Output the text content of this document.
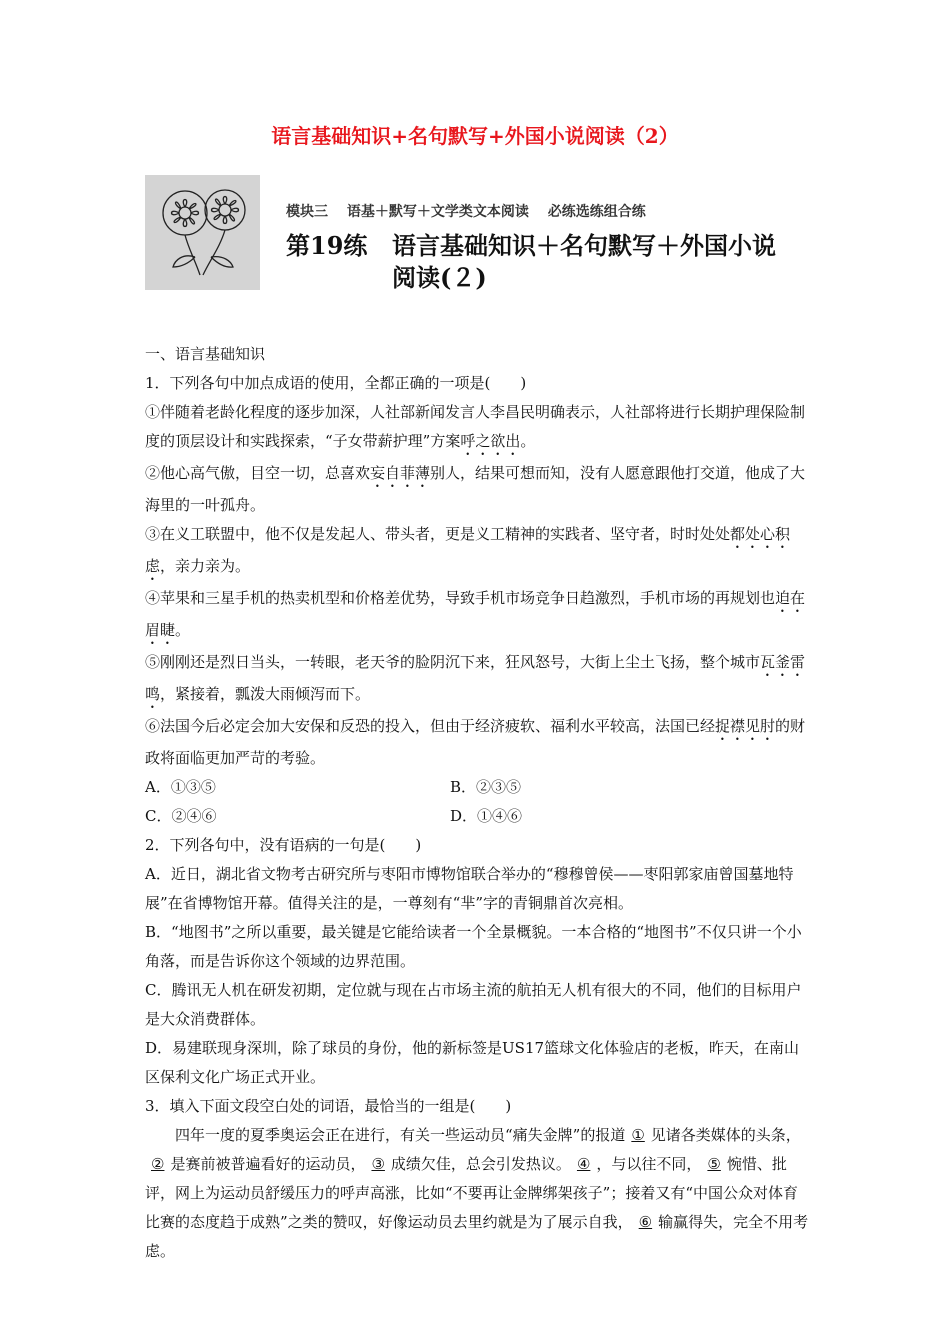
语言基础知识+名句默写+外国小说阅读（2）
模块三 语基＋默写＋文学类文本阅读 必练选练组合练
第19练 语言基础知识＋名句默写＋外国小说
阅读(２)

一、语言基础知识

1．下列各句中加点成语的使用，全都正确的一项是(　　)

①伴随着老龄化程度的逐步加深，人社部新闻发言人李昌民明确表示，人社部将进行长期护理保险制度的顶层设计和实践探索，“子女带薪护理”方案呼之欲出。

②他心高气傲，目空一切，总喜欢妄自菲薄别人，结果可想而知，没有人愿意跟他打交道，他成了大海里的一叶孤舟。

③在义工联盟中，他不仅是发起人、带头者，更是义工精神的实践者、坚守者，时时处处都处心积虑，亲力亲为。

④苹果和三星手机的热卖机型和价格差优势，导致手机市场竞争日趋激烈，手机市场的再规划也迫在眉睫。

⑤刚刚还是烈日当头，一转眼，老天爷的脸阴沉下来，狂风怒号，大街上尘土飞扬，整个城市瓦釜雷鸣，紧接着，瓢泼大雨倾泻而下。

⑥法国今后必定会加大安保和反恐的投入，但由于经济疲软、福利水平较高，法国已经捉襟见肘的财政将面临更加严苛的考验。

A．①③⑤	B．②③⑤

C．②④⑥	D．①④⑥

2．下列各句中，没有语病的一句是(　　)

A．近日，湖北省文物考古研究所与枣阳市博物馆联合举办的“穆穆曾侯——枣阳郭家庙曾国墓地特展”在省博物馆开幕。值得关注的是，一尊刻有“芈”字的青铜鼎首次亮相。

B．“地图书”之所以重要，最关键是它能给读者一个全景概貌。一本合格的“地图书”不仅只讲一个小角落，而是告诉你这个领域的边界范围。

C．腾讯无人机在研发初期，定位就与现在占市场主流的航拍无人机有很大的不同，他们的目标用户是大众消费群体。

D．易建联现身深圳，除了球员的身份，他的新标签是US17篮球文化体验店的老板，昨天，在南山区保利文化广场正式开业。

3．填入下面文段空白处的词语，最恰当的一组是(　　)

四年一度的夏季奥运会正在进行，有关一些运动员“痛失金牌”的报道 ① 见诸各类媒体的头条，② 是赛前被普遍看好的运动员， ③ 成绩欠佳，总会引发热议。 ④ ，与以往不同， ⑤ 惋惜、批评，网上为运动员舒缓压力的呼声高涨，比如“不要再让金牌绑架孩子”；接着又有“中国公众对体育比赛的态度趋于成熟”之类的赞叹，好像运动员去里约就是为了展示自我， ⑥ 输赢得失，完全不用考虑。
